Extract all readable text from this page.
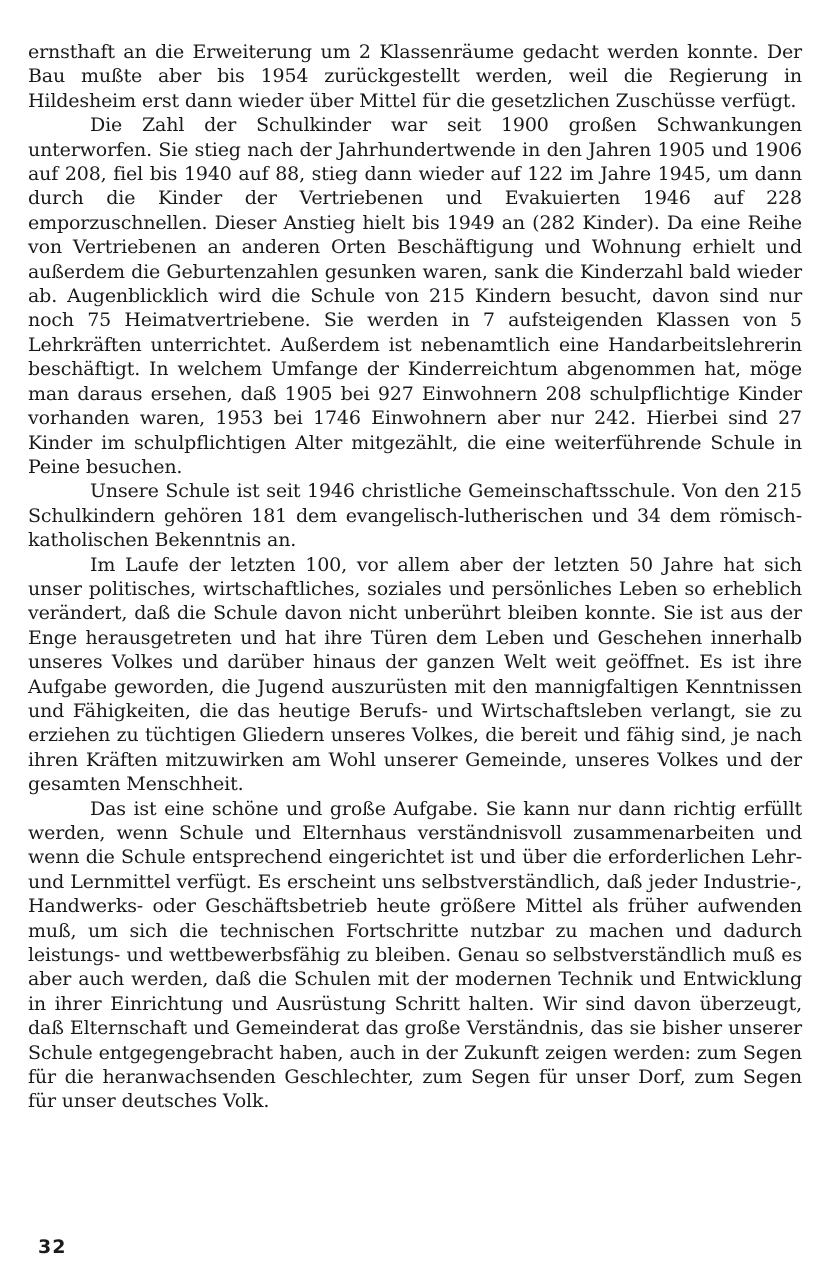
ernsthaft an die Erweiterung um 2 Klassenräume gedacht werden konnte. Der Bau mußte aber bis 1954 zurückgestellt werden, weil die Regierung in Hildesheim erst dann wieder über Mittel für die gesetzlichen Zuschüsse verfügt.

Die Zahl der Schulkinder war seit 1900 großen Schwankungen unterworfen. Sie stieg nach der Jahrhundertwende in den Jahren 1905 und 1906 auf 208, fiel bis 1940 auf 88, stieg dann wieder auf 122 im Jahre 1945, um dann durch die Kinder der Vertriebenen und Evakuierten 1946 auf 228 emporzuschnellen. Dieser Anstieg hielt bis 1949 an (282 Kinder). Da eine Reihe von Vertriebenen an anderen Orten Beschäftigung und Wohnung erhielt und außerdem die Geburtenzahlen gesunken waren, sank die Kinderzahl bald wieder ab. Augenblicklich wird die Schule von 215 Kindern besucht, davon sind nur noch 75 Heimatvertriebene. Sie werden in 7 aufsteigenden Klassen von 5 Lehrkräften unterrichtet. Außerdem ist nebenamtlich eine Handarbeitslehrerin beschäftigt. In welchem Umfange der Kinderreichtum abgenommen hat, möge man daraus ersehen, daß 1905 bei 927 Einwohnern 208 schulpflichtige Kinder vorhanden waren, 1953 bei 1746 Einwohnern aber nur 242. Hierbei sind 27 Kinder im schulpflichtigen Alter mitgezählt, die eine weiterführende Schule in Peine besuchen.

Unsere Schule ist seit 1946 christliche Gemeinschaftsschule. Von den 215 Schulkindern gehören 181 dem evangelisch-lutherischen und 34 dem römisch-katholischen Bekenntnis an.

Im Laufe der letzten 100, vor allem aber der letzten 50 Jahre hat sich unser politisches, wirtschaftliches, soziales und persönliches Leben so erheblich verändert, daß die Schule davon nicht unberührt bleiben konnte. Sie ist aus der Enge herausgetreten und hat ihre Türen dem Leben und Geschehen innerhalb unseres Volkes und darüber hinaus der ganzen Welt weit geöffnet. Es ist ihre Aufgabe geworden, die Jugend auszurüsten mit den mannigfaltigen Kenntnissen und Fähigkeiten, die das heutige Berufs- und Wirtschaftsleben verlangt, sie zu erziehen zu tüchtigen Gliedern unseres Volkes, die bereit und fähig sind, je nach ihren Kräften mitzuwirken am Wohl unserer Gemeinde, unseres Volkes und der gesamten Menschheit.

Das ist eine schöne und große Aufgabe. Sie kann nur dann richtig erfüllt werden, wenn Schule und Elternhaus verständnisvoll zusammenarbeiten und wenn die Schule entsprechend eingerichtet ist und über die erforderlichen Lehr- und Lernmittel verfügt. Es erscheint uns selbstverständlich, daß jeder Industrie-, Handwerks- oder Geschäftsbetrieb heute größere Mittel als früher aufwenden muß, um sich die technischen Fortschritte nutzbar zu machen und dadurch leistungs- und wettbewerbsfähig zu bleiben. Genau so selbstverständlich muß es aber auch werden, daß die Schulen mit der modernen Technik und Entwicklung in ihrer Einrichtung und Ausrüstung Schritt halten. Wir sind davon überzeugt, daß Elternschaft und Gemeinderat das große Verständnis, das sie bisher unserer Schule entgegengebracht haben, auch in der Zukunft zeigen werden: zum Segen für die heranwachsenden Geschlechter, zum Segen für unser Dorf, zum Segen für unser deutsches Volk.

32
